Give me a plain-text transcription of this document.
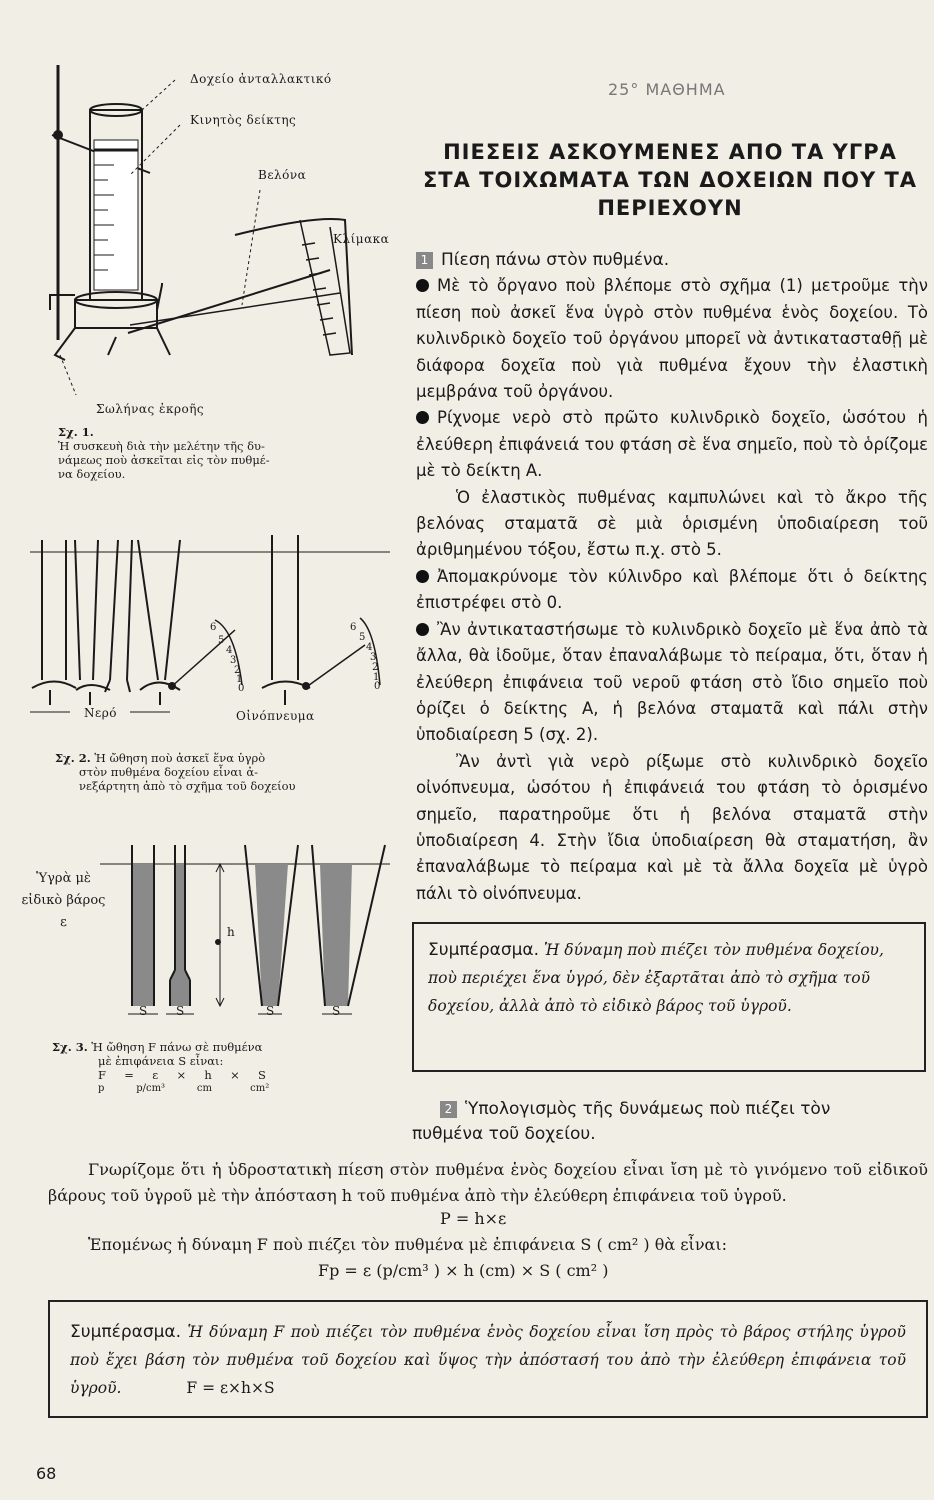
Δοχείο ἀνταλλακτικό
Κινητὸς δείκτης
Βελόνα
Κλίμακα
Σωλήνας ἐκροῆς
Σχ. 1.
Ἡ συσκευὴ διὰ τὴν μελέτην τῆς δυ-
νάμεως ποὺ ἀσκεῖται εἰς τὸν πυθμέ-
να δοχείου.
6
5
4
3
2
1
0
6
5
4
3
2
1
0
Νερό	Οἰνόπνευμα
Σχ. 2. Ἡ ὤθηση ποὺ ἀσκεῖ ἕνα ὑγρὸ
στὸν πυθμένα δοχείου εἶναι ἀ-
νεξάρτητη ἀπὸ τὸ σχῆμα τοῦ δοχείου
h
S S	S	S
Ὑγρὰ μὲ
εἰδικὸ βάρος
ε
Σχ. 3. Ἡ ὤθηση F πάνω σὲ πυθμένα
μὲ ἐπιφάνεια S εἶναι:
F = ε × h × S
p	p/cm³	cm	cm²
25° ΜΑΘΗΜΑ
ΠΙΕΣΕΙΣ ΑΣΚΟΥΜΕΝΕΣ ΑΠΟ ΤΑ ΥΓΡΑ
ΣΤΑ ΤΟΙΧΩΜΑΤΑ ΤΩΝ ΔΟΧΕΙΩΝ ΠΟΥ ΤΑ
ΠΕΡΙΕΧΟΥΝ
1 Πίεση πάνω στὸν πυθμένα.

Μὲ τὸ ὄργανο ποὺ βλέπομε στὸ σχῆμα (1) μετροῦμε τὴν πίεση ποὺ ἀσκεῖ ἕνα ὑγρὸ στὸν πυθμένα ἑνὸς δοχείου. Τὸ κυλινδρικὸ δοχεῖο τοῦ ὀργάνου μπορεῖ νὰ ἀντικατασταθῇ μὲ διάφορα δοχεῖα ποὺ γιὰ πυθμένα ἔχουν τὴν ἐλαστικὴ μεμβράνα τοῦ ὀργάνου.

Ρίχνομε νερὸ στὸ πρῶτο κυλινδρικὸ δοχεῖο, ὡσότου ἡ ἐλεύθερη ἐπιφάνειά του φτάση σὲ ἕνα σημεῖο, ποὺ τὸ ὁρίζομε μὲ τὸ δείκτη Α.

Ὁ ἐλαστικὸς πυθμένας καμπυλώνει καὶ τὸ ἄκρο τῆς βελόνας σταματᾶ σὲ μιὰ ὁρισμένη ὑποδιαίρεση τοῦ ἀριθμημένου τόξου, ἔστω π.χ. στὸ 5.

Ἀπομακρύνομε τὸν κύλινδρο καὶ βλέπομε ὅτι ὁ δείκτης ἐπιστρέφει στὸ 0.

Ἂν ἀντικαταστήσωμε τὸ κυλινδρικὸ δοχεῖο μὲ ἕνα ἀπὸ τὰ ἄλλα, θὰ ἰδοῦμε, ὅταν ἐπαναλάβωμε τὸ πείραμα, ὅτι, ὅταν ἡ ἐλεύθερη ἐπιφάνεια τοῦ νεροῦ φτάση στὸ ἴδιο σημεῖο ποὺ ὁρίζει ὁ δείκτης Α, ἡ βελόνα σταματᾶ καὶ πάλι στὴν ὑποδιαίρεση 5 (σχ. 2).

Ἂν ἀντὶ γιὰ νερὸ ρίξωμε στὸ κυλινδρικὸ δοχεῖο οἰνόπνευμα, ὡσότου ἡ ἐπιφάνειά του φτάση τὸ ὁρισμένο σημεῖο, παρατηροῦμε ὅτι ἡ βελόνα σταματᾶ στὴν ὑποδιαίρεση 4. Στὴν ἴδια ὑποδιαίρεση θὰ σταματήση, ἂν ἐπαναλάβωμε τὸ πείραμα καὶ μὲ τὰ ἄλλα δοχεῖα μὲ ὑγρὸ πάλι τὸ οἰνόπνευμα.

Συμπέρασμα. Ἡ δύναμη ποὺ πιέζει τὸν πυθμένα δοχείου, ποὺ περιέχει ἕνα ὑγρό, δὲν ἐξαρτᾶται ἀπὸ τὸ σχῆμα τοῦ δοχείου, ἀλλὰ ἀπὸ τὸ εἰδικὸ βάρος τοῦ ὑγροῦ.
2 Ὑπολογισμὸς τῆς δυνάμεως ποὺ πιέζει τὸν
πυθμένα τοῦ δοχείου.

Γνωρίζομε ὅτι ἡ ὑδροστατικὴ πίεση στὸν πυθμένα ἑνὸς δοχείου εἶναι ἴση μὲ τὸ γινόμενο τοῦ εἰδικοῦ βάρους τοῦ ὑγροῦ μὲ τὴν ἀπόσταση h τοῦ πυθμένα ἀπὸ τὴν ἐλεύθερη ἐπιφάνεια τοῦ ὑγροῦ.

P = h×ε
Ἑπομένως ἡ δύναμη F ποὺ πιέζει τὸν πυθμένα μὲ ἐπιφάνεια S ( cm² ) θὰ εἶναι:
Fp = ε (p/cm³ ) × h (cm) × S ( cm² )
Συμπέρασμα. Ἡ δύναμη F ποὺ πιέζει τὸν πυθμένα ἑνὸς δοχείου εἶναι ἴση πρὸς τὸ βάρος στήλης ὑγροῦ ποὺ ἔχει βάση τὸν πυθμένα τοῦ δοχείου καὶ ὕψος τὴν ἀπόστασή του ἀπὸ τὴν ἐλεύθερη ἐπιφάνεια τοῦ ὑγροῦ.	F = ε×h×S
68
